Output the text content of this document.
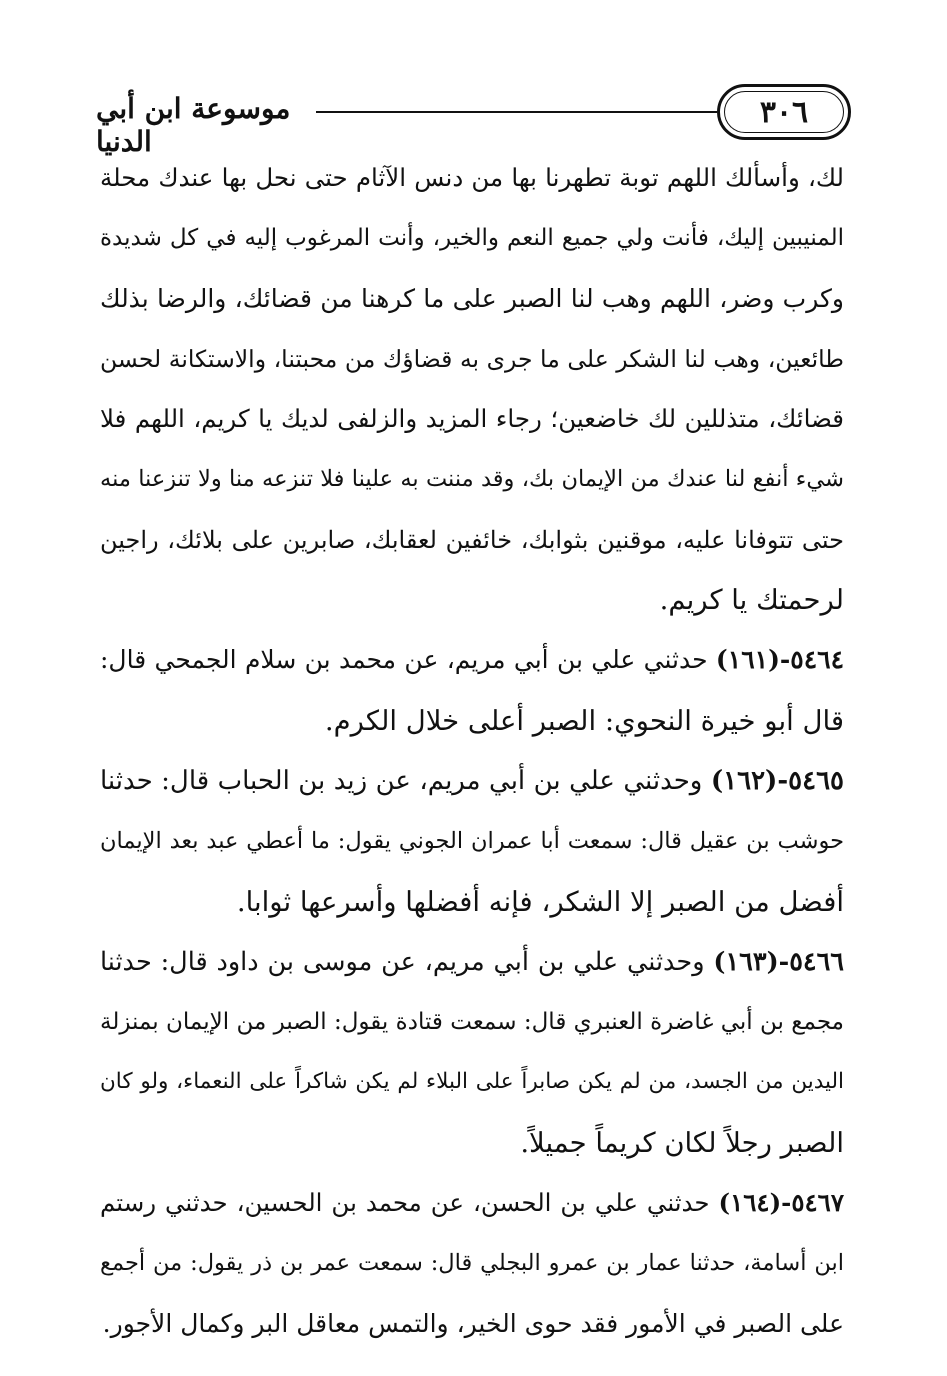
٣٠٦
موسوعة ابن أبي الدنيا

لك، وأسألك اللهم توبة تطهرنا بها من دنس الآثام حتى نحل بها عندك محلة
المنيبين إليك، فأنت ولي جميع النعم والخير، وأنت المرغوب إليه في كل شديدة
وكرب وضر، اللهم وهب لنا الصبر على ما كرهنا من قضائك، والرضا بذلك
طائعين، وهب لنا الشكر على ما جرى به قضاؤك من محبتنا، والاستكانة لحسن
قضائك، متذللين لك خاضعين؛ رجاء المزيد والزلفى لديك يا كريم، اللهم فلا
شيء أنفع لنا عندك من الإيمان بك، وقد مننت به علينا فلا تنزعه منا ولا تنزعنا منه
حتى تتوفانا عليه، موقنين بثوابك، خائفين لعقابك، صابرين على بلائك، راجين
لرحمتك يا كريم.

٥٤٦٤-(١٦١) حدثني علي بن أبي مريم، عن محمد بن سلام الجمحي قال:
قال أبو خيرة النحوي: الصبر أعلى خلال الكرم.

٥٤٦٥-(١٦٢) وحدثني علي بن أبي مريم، عن زيد بن الحباب قال: حدثنا
حوشب بن عقيل قال: سمعت أبا عمران الجوني يقول: ما أعطي عبد بعد الإيمان
أفضل من الصبر إلا الشكر، فإنه أفضلها وأسرعها ثوابا.

٥٤٦٦-(١٦٣) وحدثني علي بن أبي مريم، عن موسى بن داود قال: حدثنا
مجمع بن أبي غاضرة العنبري قال: سمعت قتادة يقول: الصبر من الإيمان بمنزلة
اليدين من الجسد، من لم يكن صابراً على البلاء لم يكن شاكراً على النعماء، ولو كان
الصبر رجلاً لكان كريماً جميلاً.

٥٤٦٧-(١٦٤) حدثني علي بن الحسن، عن محمد بن الحسين، حدثني رستم
ابن أسامة، حدثنا عمار بن عمرو البجلي قال: سمعت عمر بن ذر يقول: من أجمع
على الصبر في الأمور فقد حوى الخير، والتمس معاقل البر وكمال الأجور.
